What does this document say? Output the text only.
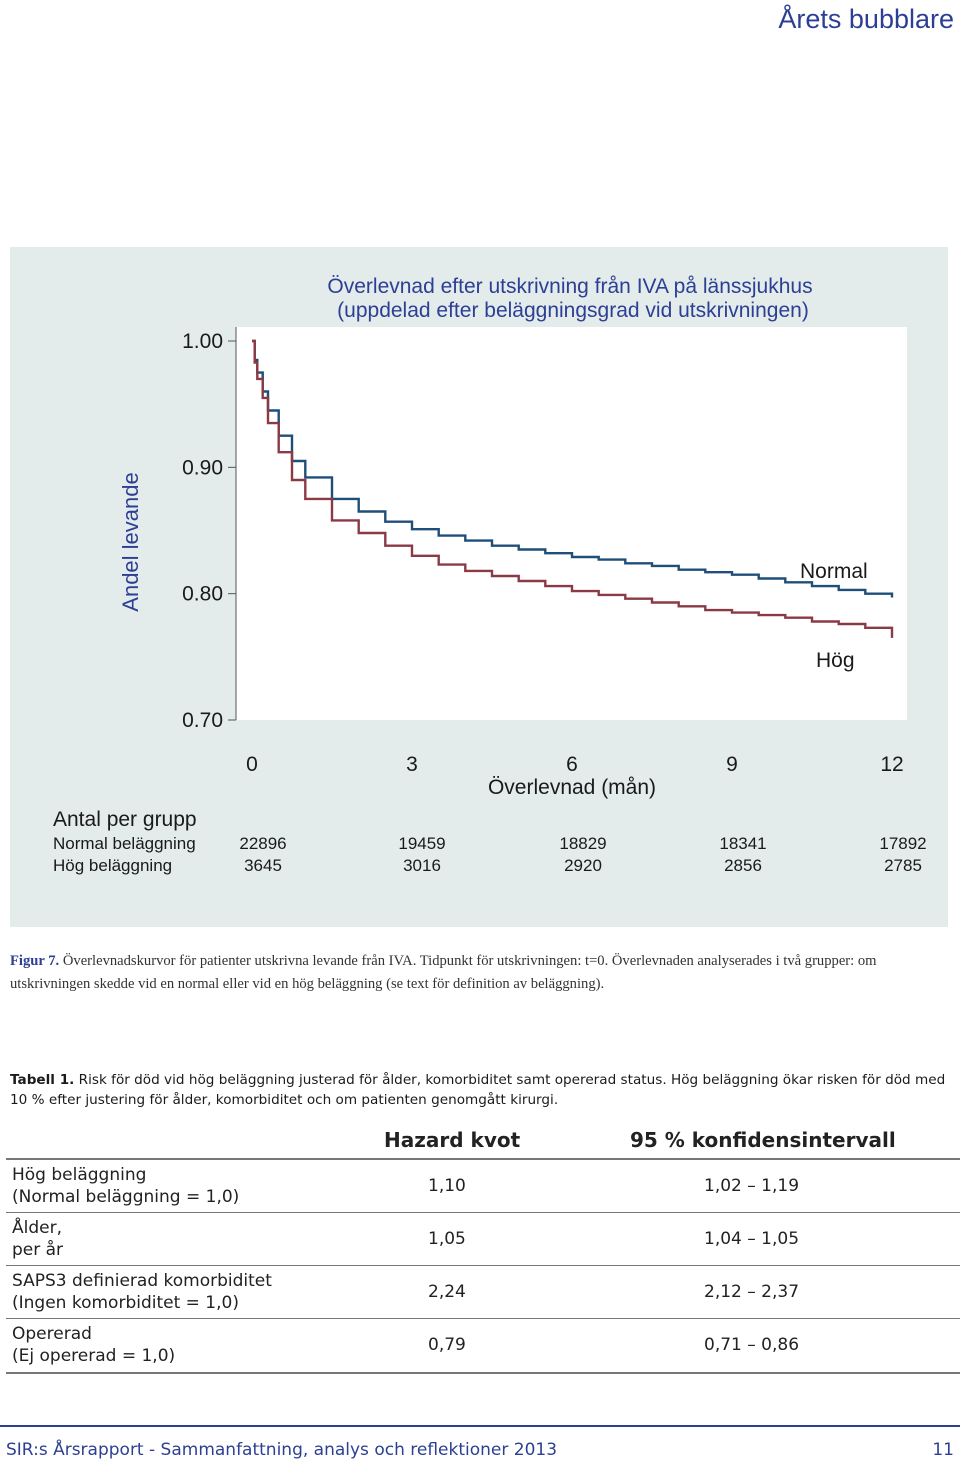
Årets bubblare
Överlevnad efter utskrivning från IVA på länssjukhus
(uppdelad efter beläggningsgrad vid utskrivningen)
Andel levande
1.00
0.90
0.80
0.70
0	3	6	9	12
Normal
Hög
Överlevnad (mån)
Antal per grupp
Normal beläggning
Hög beläggning
22896	19459	18829	18341	17892
3645	3016	2920	2856	2785
Figur 7. Överlevnadskurvor för patienter utskrivna levande från IVA. Tidpunkt för utskrivningen: t=0. Överlevnaden analyserades i två grupper: om utskrivningen skedde vid en normal eller vid en hög beläggning (se text för definition av beläggning).
Tabell 1. Risk för död vid hög beläggning justerad för ålder, komorbiditet samt opererad status. Hög beläggning ökar risken för död med 10 % efter justering för ålder, komorbiditet och om patienten genomgått kirurgi.
Hazard kvot	95 % konfidensintervall
Hög beläggning
(Normal beläggning = 1,0)
1,10	1,02 – 1,19
Ålder,
per år
1,05	1,04 – 1,05
SAPS3 definierad komorbiditet
(Ingen komorbiditet = 1,0)
2,24	2,12 – 2,37
Opererad
(Ej opererad = 1,0)
0,79	0,71 – 0,86
SIR:s Årsrapport - Sammanfattning, analys och reflektioner 2013	11
